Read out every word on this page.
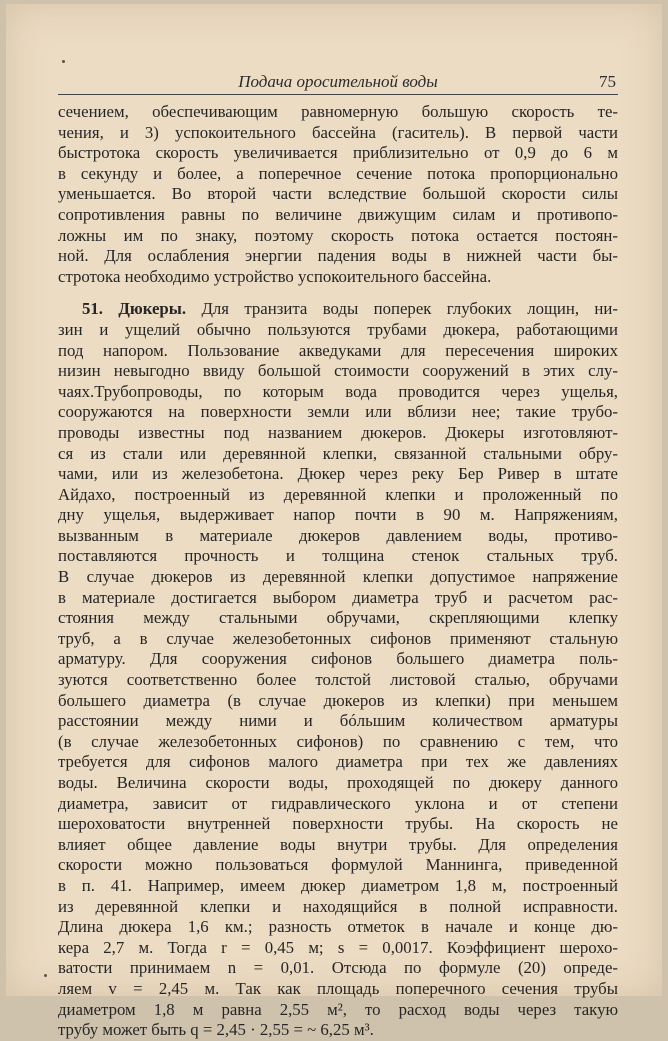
Подача оросительной воды	75
сечением, обеспечивающим равномерную большую скорость те-
чения, и 3) успокоительного бассейна (гаситель). В первой части
быстротока скорость увеличивается приблизительно от 0,9 до 6 м
в секунду и более, а поперечное сечение потока пропорционально
уменьшается. Во второй части вследствие большой скорости силы
сопротивления равны по величине движущим силам и противопо-
ложны им по знаку, поэтому скорость потока остается постоян-
ной. Для ослабления энергии падения воды в нижней части бы-
стротока необходимо устройство успокоительного бассейна.
51. Дюкеры. Для транзита воды поперек глубоких лощин, ни-
зин и ущелий обычно пользуются трубами дюкера, работающими
под напором. Пользование акведуками для пересечения широких
низин невыгодно ввиду большой стоимости сооружений в этих слу-
чаях.Трубопроводы, по которым вода проводится через ущелья,
сооружаются на поверхности земли или вблизи нее; такие трубо-
проводы известны под названием дюкеров. Дюкеры изготовляют-
ся из стали или деревянной клепки, связанной стальными обру-
чами, или из железобетона. Дюкер через реку Бер Ривер в штате
Айдахо, построенный из деревянной клепки и проложенный по
дну ущелья, выдерживает напор почти в 90 м. Напряжениям,
вызванным в материале дюкеров давлением воды, противо-
поставляются прочность и толщина стенок стальных труб.
В случае дюкеров из деревянной клепки допустимое напряжение
в материале достигается выбором диаметра труб и расчетом рас-
стояния между стальными обручами, скрепляющими клепку
труб, а в случае железобетонных сифонов применяют стальную
арматуру. Для сооружения сифонов большего диаметра поль-
зуются соответственно более толстой листовой сталью, обручами
большего диаметра (в случае дюкеров из клепки) при меньшем
расстоянии между ними и бóльшим количеством арматуры
(в случае железобетонных сифонов) по сравнению с тем, что
требуется для сифонов малого диаметра при тех же давлениях
воды. Величина скорости воды, проходящей по дюкеру данного
диаметра, зависит от гидравлического уклона и от степени
шероховатости внутренней поверхности трубы. На скорость не
влияет общее давление воды внутри трубы. Для определения
скорости можно пользоваться формулой Маннинга, приведенной
в п. 41. Например, имеем дюкер диаметром 1,8 м, построенный
из деревянной клепки и находящийся в полной исправности.
Длина дюкера 1,6 км.; разность отметок в начале и конце дю-
кера 2,7 м. Тогда r = 0,45 м; s = 0,0017. Коэффициент шерохо-
ватости принимаем n = 0,01. Отсюда по формуле (20) опреде-
ляем v = 2,45 м. Так как площадь поперечного сечения трубы
диаметром 1,8 м равна 2,55 м², то расход воды через такую
трубу может быть q = 2,45 · 2,55 = ~ 6,25 м³.
